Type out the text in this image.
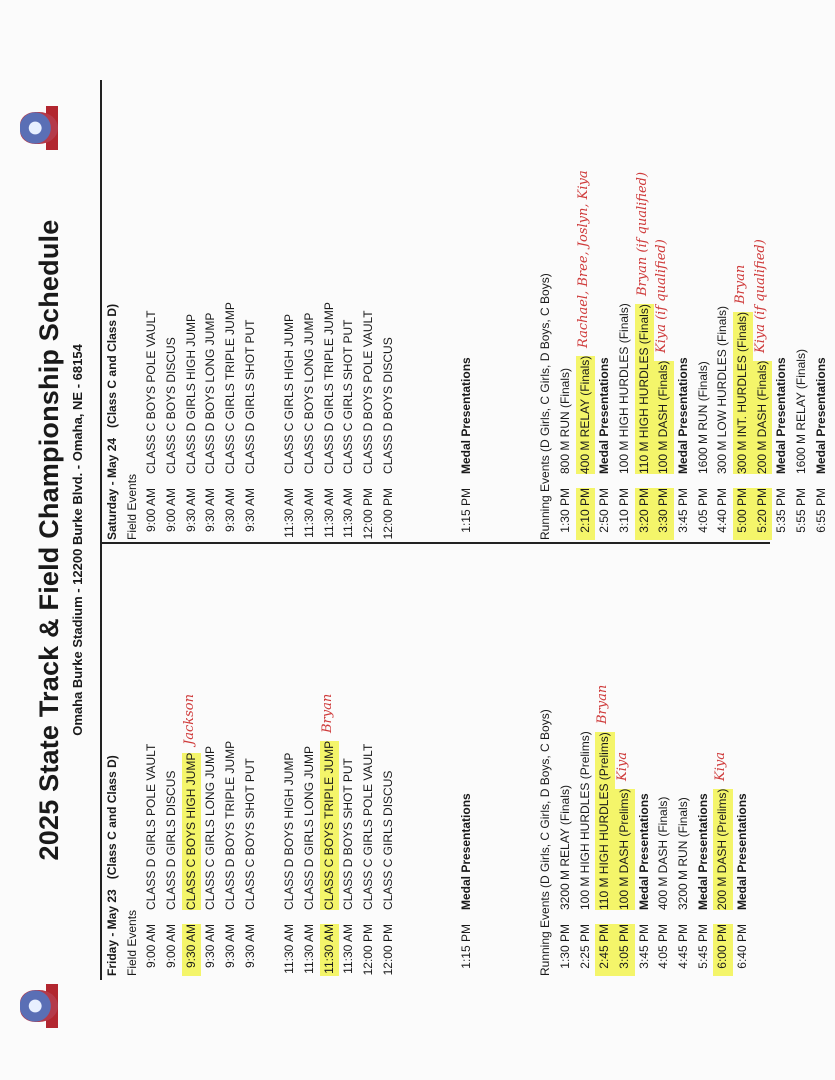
2025 State Track & Field Championship Schedule Omaha Burke Stadium - 12200 Burke Blvd. - Omaha, NE - 68154
Friday - May 23   (Class C and Class D)
Field Events 9:00 AMCLASS D GIRLS POLE VAULT
9:00 AMCLASS D GIRLS DISCUS
9:30 AMCLASS C BOYS HIGH JUMP
Jackson
9:30 AMCLASS C GIRLS LONG JUMP
9:30 AMCLASS D BOYS TRIPLE JUMP
9:30 AMCLASS C BOYS SHOT PUT
11:30 AMCLASS D BOYS HIGH JUMP
11:30 AMCLASS D GIRLS LONG JUMP
11:30 AMCLASS C BOYS TRIPLE JUMP
Bryan
11:30 AMCLASS D BOYS SHOT PUT
12:00 PMCLASS C GIRLS POLE VAULT
12:00 PMCLASS C GIRLS DISCUS
1:15 PMMedal Presentations	Running Events (D Girls, C Girls, D Boys, C Boys) 1:30 PM3200 M RELAY (Finals)
2:25 PM100 M HIGH HURDLES (Prelims)
2:45 PM110 M HIGH HURDLES (Prelims)
Bryan
3:05 PM100 M DASH (Prelims)
Kiya
3:45 PMMedal Presentations
4:05 PM400 M DASH (Finals)
4:45 PM3200 M RUN (Finals)
5:45 PMMedal Presentations
6:00 PM200 M DASH (Prelims)
Kiya
6:40 PMMedal Presentations
Saturday - May 24   (Class C and Class D)
Field Events 9:00 AMCLASS C BOYS POLE VAULT
9:00 AMCLASS C BOYS DISCUS
9:30 AMCLASS D GIRLS HIGH JUMP
9:30 AMCLASS D BOYS LONG JUMP
9:30 AMCLASS C GIRLS TRIPLE JUMP
9:30 AMCLASS D GIRLS SHOT PUT
11:30 AMCLASS C GIRLS HIGH JUMP
11:30 AMCLASS C BOYS LONG JUMP
11:30 AMCLASS D GIRLS TRIPLE JUMP
11:30 AMCLASS C GIRLS SHOT PUT
12:00 PMCLASS D BOYS POLE VAULT
12:00 PMCLASS D BOYS DISCUS
1:15 PMMedal Presentations	Running Events (D Girls, C Girls, D Boys, C Boys) 1:30 PM800 M RUN (Finals)
2:10 PM400 M RELAY (Finals)
Rachael, Bree, Joslyn, Kiya
2:50 PMMedal Presentations
3:10 PM100 M HIGH HURDLES (Finals)
3:20 PM110 M HIGH HURDLES (Finals)
Bryan (if qualified)
3:30 PM100 M DASH (Finals)
Kiya (if qualified)
3:45 PMMedal Presentations
4:05 PM1600 M RUN (Finals)
4:40 PM300 M LOW HURDLES (Finals)
5:00 PM300 M INT. HURDLES (Finals)
Bryan
5:20 PM200 M DASH (Finals)
Kiya (if qualified)
5:35 PMMedal Presentations
5:55 PM1600 M RELAY (Finals)
6:55 PMMedal Presentations
